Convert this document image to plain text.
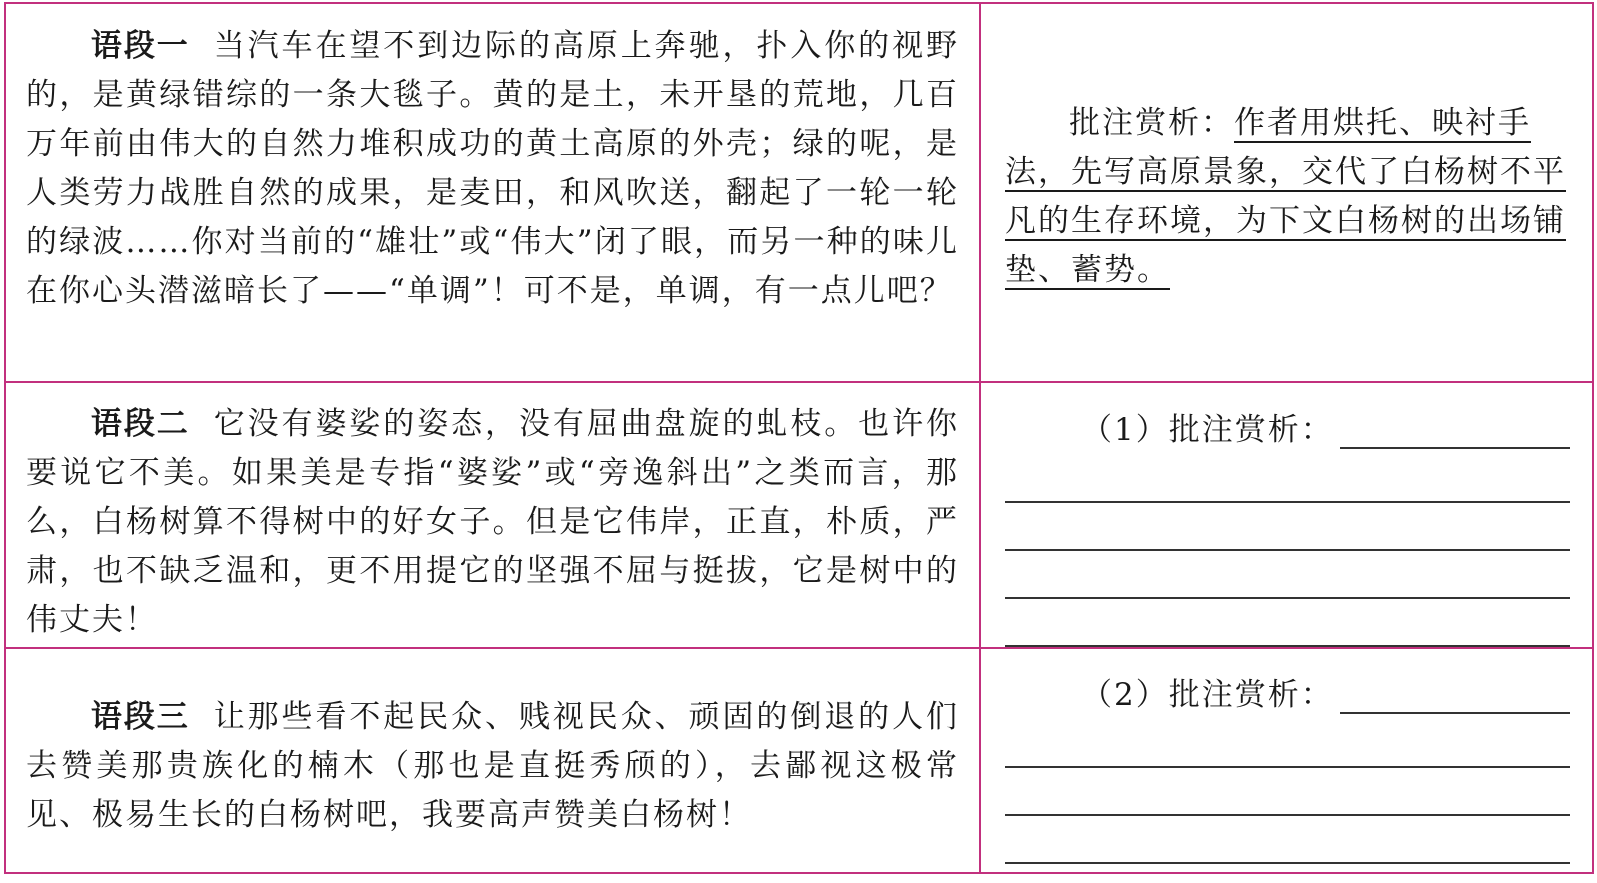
语段一 当汽车在望不到边际的高原上奔驰，扑入你的视野的，是黄绿错综的一条大毯子。黄的是土，未开垦的荒地，几百万年前由伟大的自然力堆积成功的黄土高原的外壳；绿的呢，是人类劳力战胜自然的成果，是麦田，和风吹送，翻起了一轮一轮的绿波……你对当前的“雄壮”或“伟大”闭了眼，而另一种的味儿在你心头潜滋暗长了——“单调”！可不是，单调，有一点儿吧？	批注赏析：作者用烘托、映衬手法，先写高原景象，交代了白杨树不平凡的生存环境，为下文白杨树的出场铺垫、蓄势。

语段二 它没有婆娑的姿态，没有屈曲盘旋的虬枝。也许你要说它不美。如果美是专指“婆娑”或“旁逸斜出”之类而言，那么，白杨树算不得树中的好女子。但是它伟岸，正直，朴质，严肃，也不缺乏温和，更不用提它的坚强不屈与挺拔，它是树中的伟丈夫！	（1）批注赏析：

语段三 让那些看不起民众、贱视民众、顽固的倒退的人们去赞美那贵族化的楠木（那也是直挺秀颀的），去鄙视这极常见、极易生长的白杨树吧，我要高声赞美白杨树！	（2）批注赏析：
